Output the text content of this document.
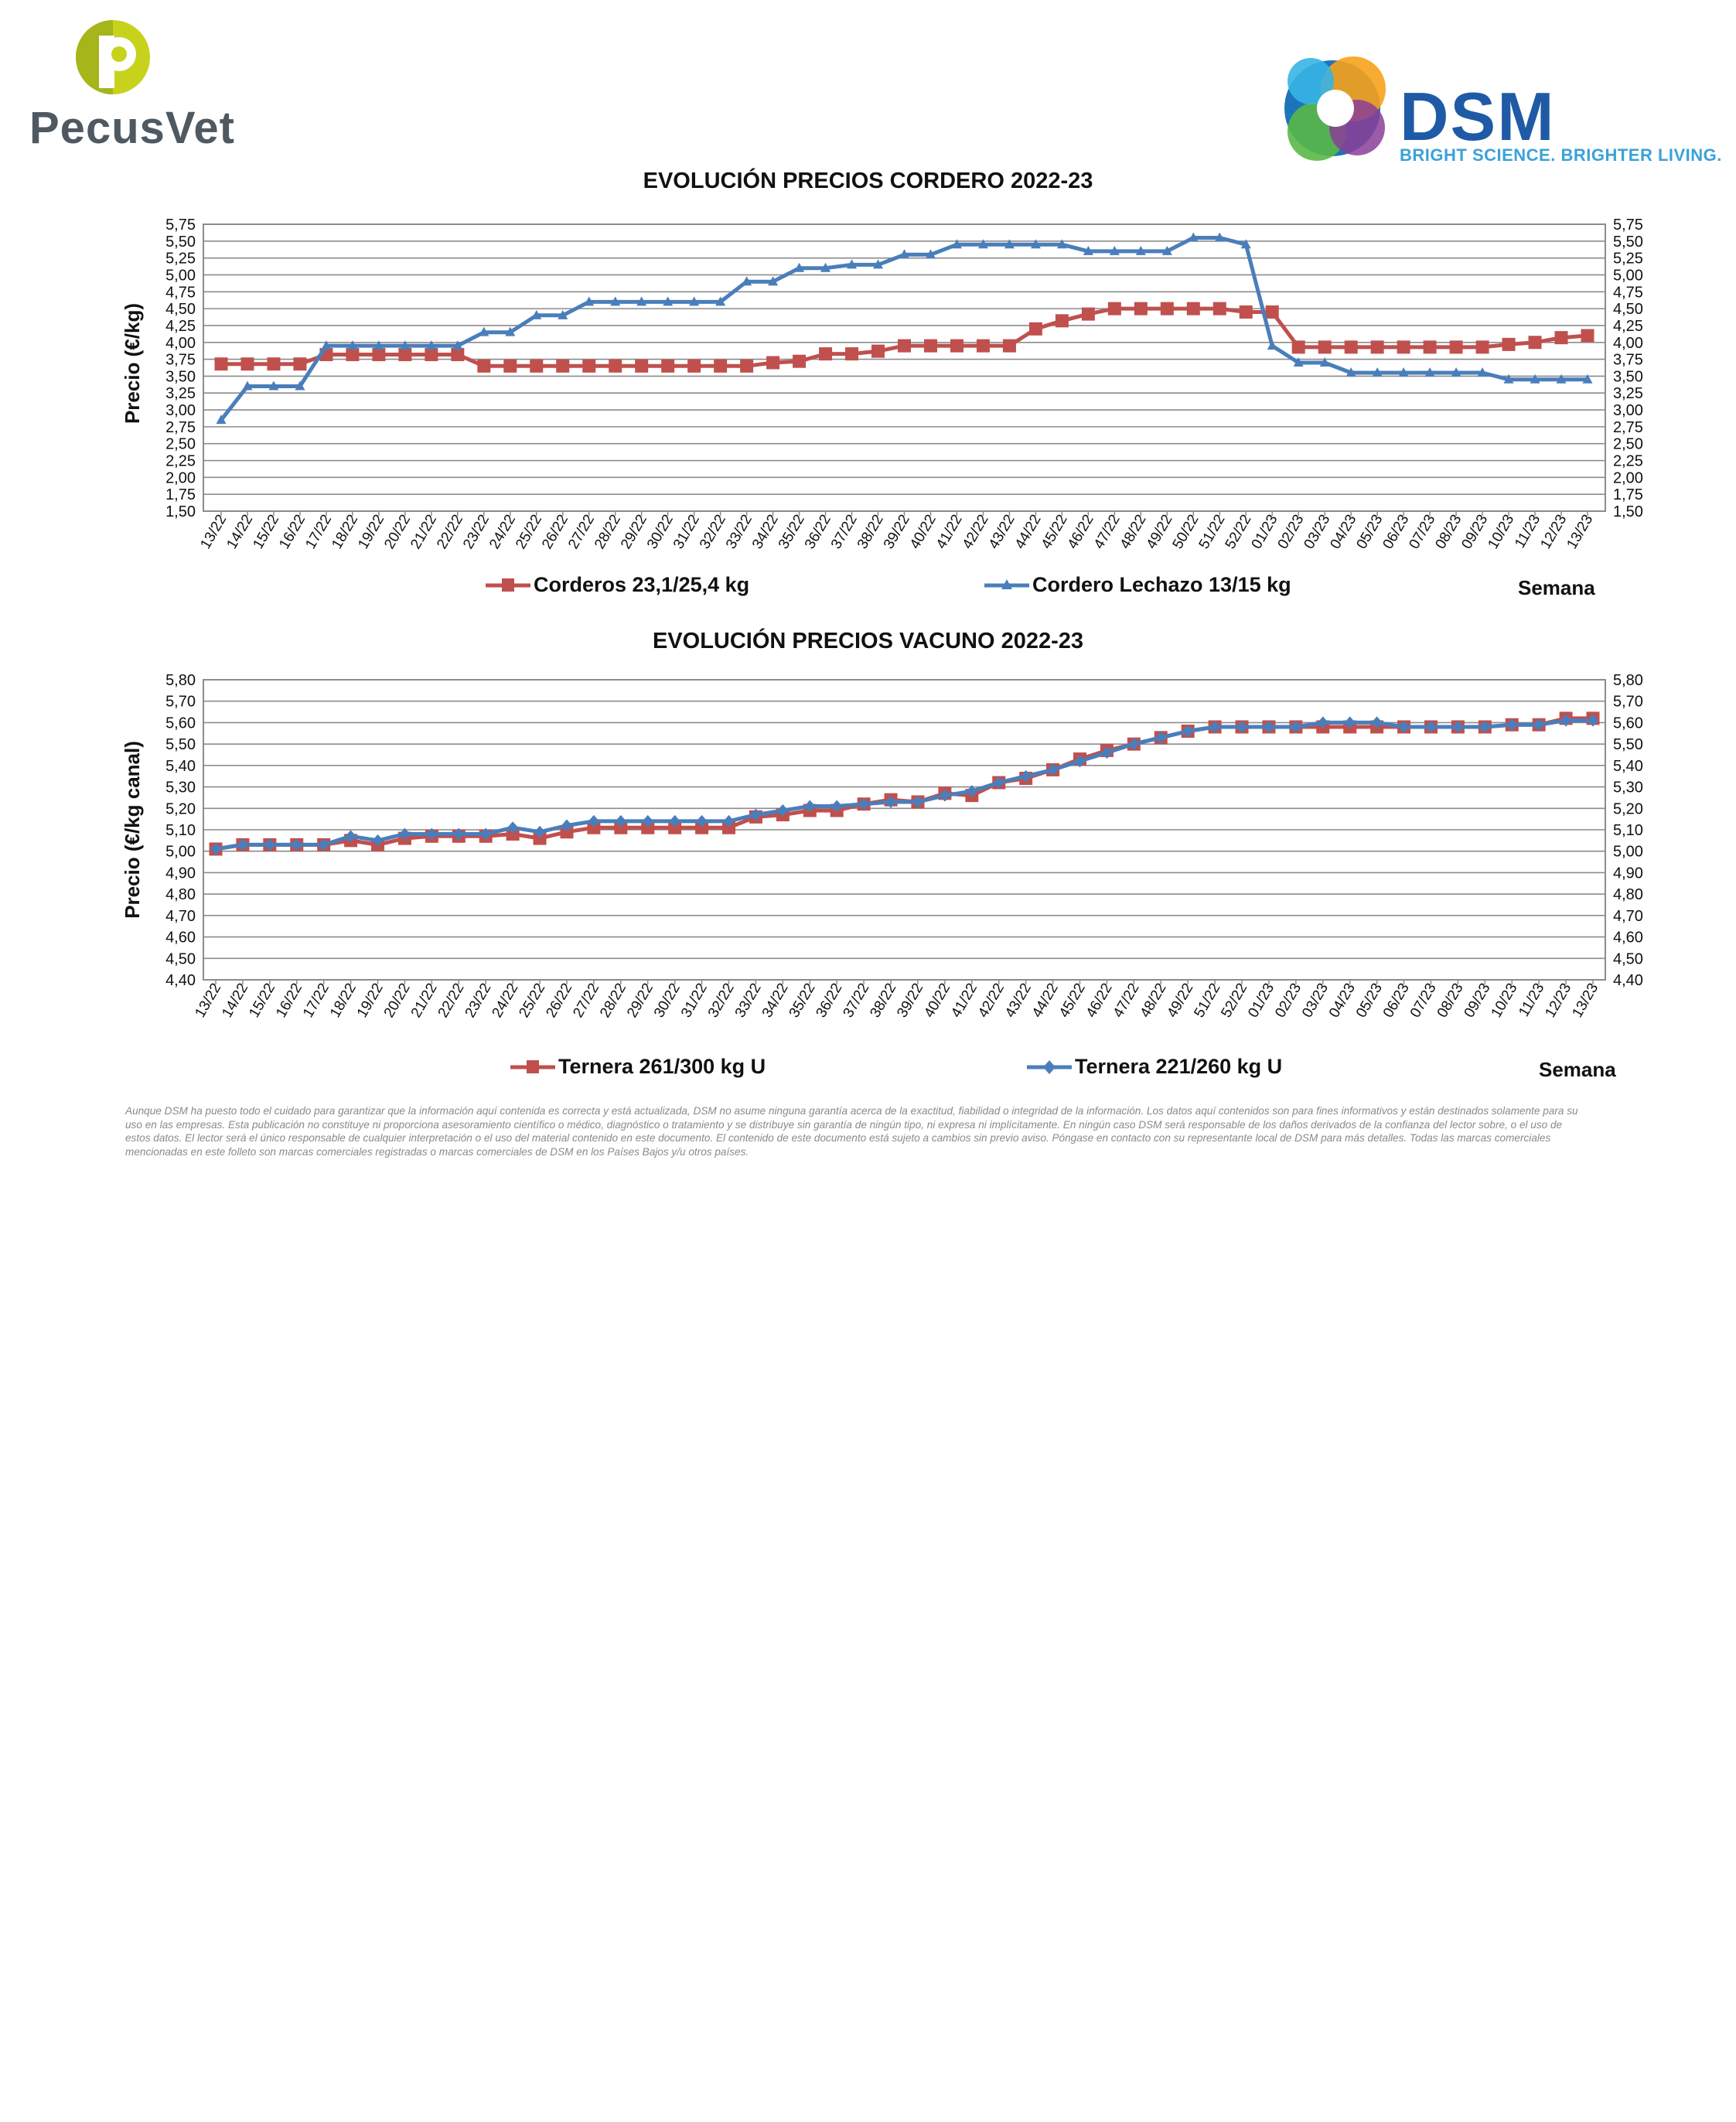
PecusVet	DSM
BRIGHT SCIENCE. BRIGHTER LIVING.
EVOLUCIÓN PRECIOS CORDERO 2022-23
1,50	1,50
1,75	1,75
2,00	2,00
2,25	2,25
2,50	2,50
2,75	2,75
3,00	3,00
3,25	3,25
3,50	3,50
3,75	3,75
4,00	4,00
4,25	4,25
4,50	4,50
4,75	4,75
5,00	5,00
5,25	5,25
5,50	5,50
5,75	5,75
Precio (€/kg)
13/22
14/22
15/22
16/22
17/22
18/22
19/22
20/22
21/22
22/22
23/22
24/22
25/22
26/22
27/22
28/22
29/22
30/22
31/22
32/22
33/22
34/22
35/22
36/22
37/22
38/22
39/22
40/22
41/22
42/22
43/22
44/22
45/22
46/22
47/22
48/22
49/22
50/22
51/22
52/22
01/23
02/23
03/23
04/23
05/23
06/23
07/23
08/23
09/23
10/23
11/23
12/23
13/23
Corderos 23,1/25,4 kg	Cordero Lechazo 13/15 kg	Semana
EVOLUCIÓN PRECIOS VACUNO 2022-23
4,40	4,40
4,50	4,50
4,60	4,60
4,70	4,70
4,80	4,80
4,90	4,90
5,00	5,00
5,10	5,10
5,20	5,20
5,30	5,30
5,40	5,40
5,50	5,50
5,60	5,60
5,70	5,70
5,80	5,80
Precio (€/kg canal)
13/22
14/22
15/22
16/22
17/22
18/22
19/22
20/22
21/22
22/22
23/22
24/22
25/22
26/22
27/22
28/22
29/22
30/22
31/22
32/22
33/22
34/22
35/22
36/22
37/22
38/22
39/22
40/22
41/22
42/22
43/22
44/22
45/22
46/22
47/22
48/22
49/22
51/22
52/22
01/23
02/23
03/23
04/23
05/23
06/23
07/23
08/23
09/23
10/23
11/23
12/23
13/23
Ternera 261/300 kg U	Ternera 221/260 kg U	Semana
Aunque DSM ha puesto todo el cuidado para garantizar que la información aquí contenida es correcta y está actualizada, DSM no asume ninguna garantía acerca de la exactitud, fiabilidad o integridad de la información. Los datos aquí contenidos son para fines informativos y están destinados solamente para su uso en las empresas. Esta publicación no constituye ni proporciona asesoramiento científico o médico, diagnóstico o tratamiento y se distribuye sin garantía de ningún tipo, ni expresa ni implícitamente. En ningún caso DSM será responsable de los daños derivados de la confianza del lector sobre, o el uso de estos datos. El lector será el único responsable de cualquier interpretación o el uso del material contenido en este documento. El contenido de este documento está sujeto a cambios sin previo aviso. Póngase en contacto con su representante local de DSM para más detalles. Todas las marcas comerciales mencionadas en este folleto son marcas comerciales registradas o marcas comerciales de DSM en los Países Bajos y/u otros países.
